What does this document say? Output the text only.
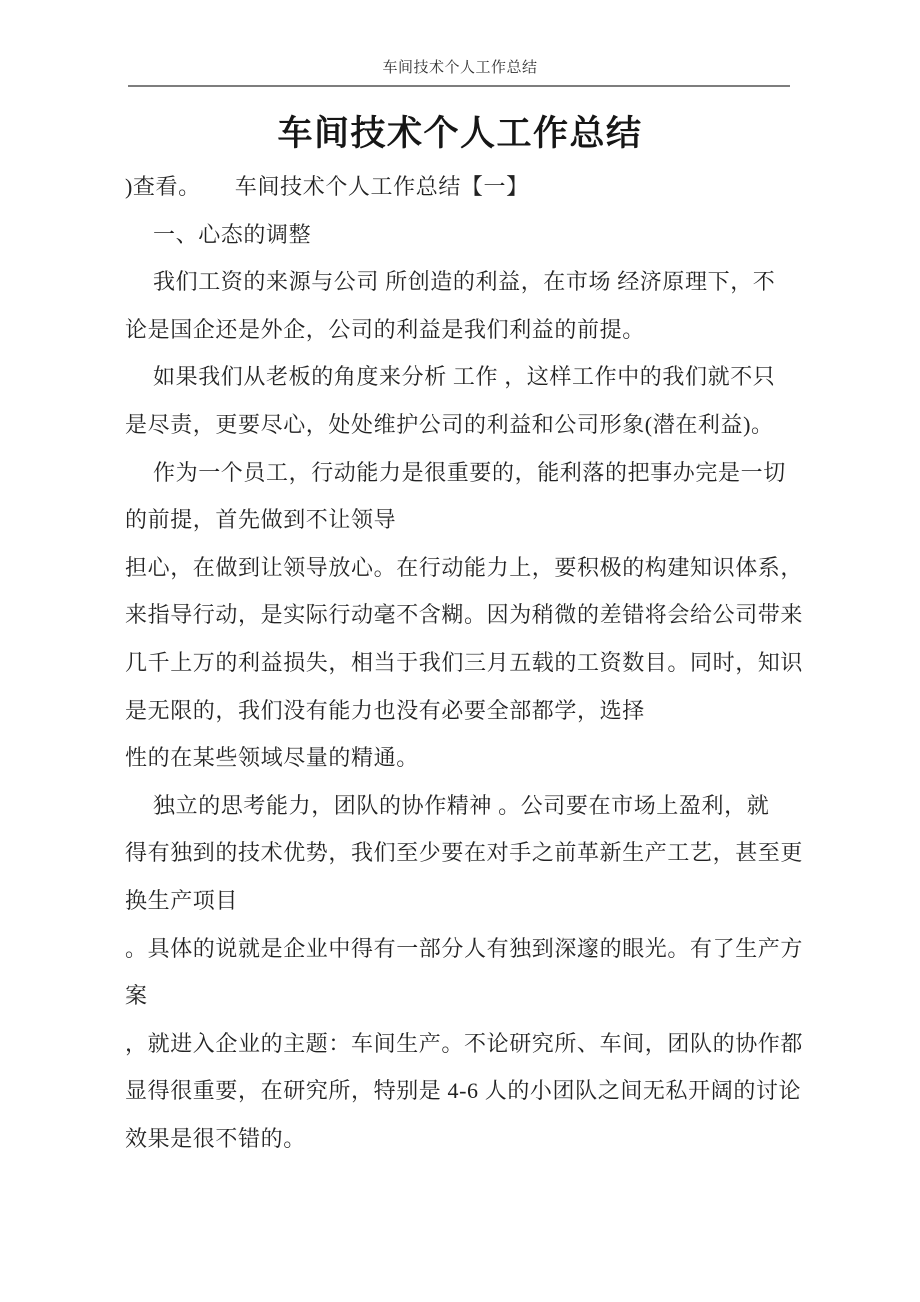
车间技术个人工作总结
车间技术个人工作总结
)查看。　　车间技术个人工作总结【一】
一、心态的调整
我们工资的来源与公司 所创造的利益，在市场 经济原理下，不
论是国企还是外企，公司的利益是我们利益的前提。
如果我们从老板的角度来分析 工作 ，这样工作中的我们就不只
是尽责，更要尽心，处处维护公司的利益和公司形象(潜在利益)。
作为一个员工，行动能力是很重要的，能利落的把事办完是一切
的前提，首先做到不让领导
担心，在做到让领导放心。在行动能力上，要积极的构建知识体系，
来指导行动，是实际行动毫不含糊。因为稍微的差错将会给公司带来
几千上万的利益损失，相当于我们三月五载的工资数目。同时，知识
是无限的，我们没有能力也没有必要全部都学，选择
性的在某些领域尽量的精通。
独立的思考能力，团队的协作精神 。公司要在市场上盈利，就
得有独到的技术优势，我们至少要在对手之前革新生产工艺，甚至更
换生产项目
。具体的说就是企业中得有一部分人有独到深邃的眼光。有了生产方
案
，就进入企业的主题：车间生产。不论研究所、车间，团队的协作都
显得很重要，在研究所，特别是 4-6 人的小团队之间无私开阔的讨论
效果是很不错的。
